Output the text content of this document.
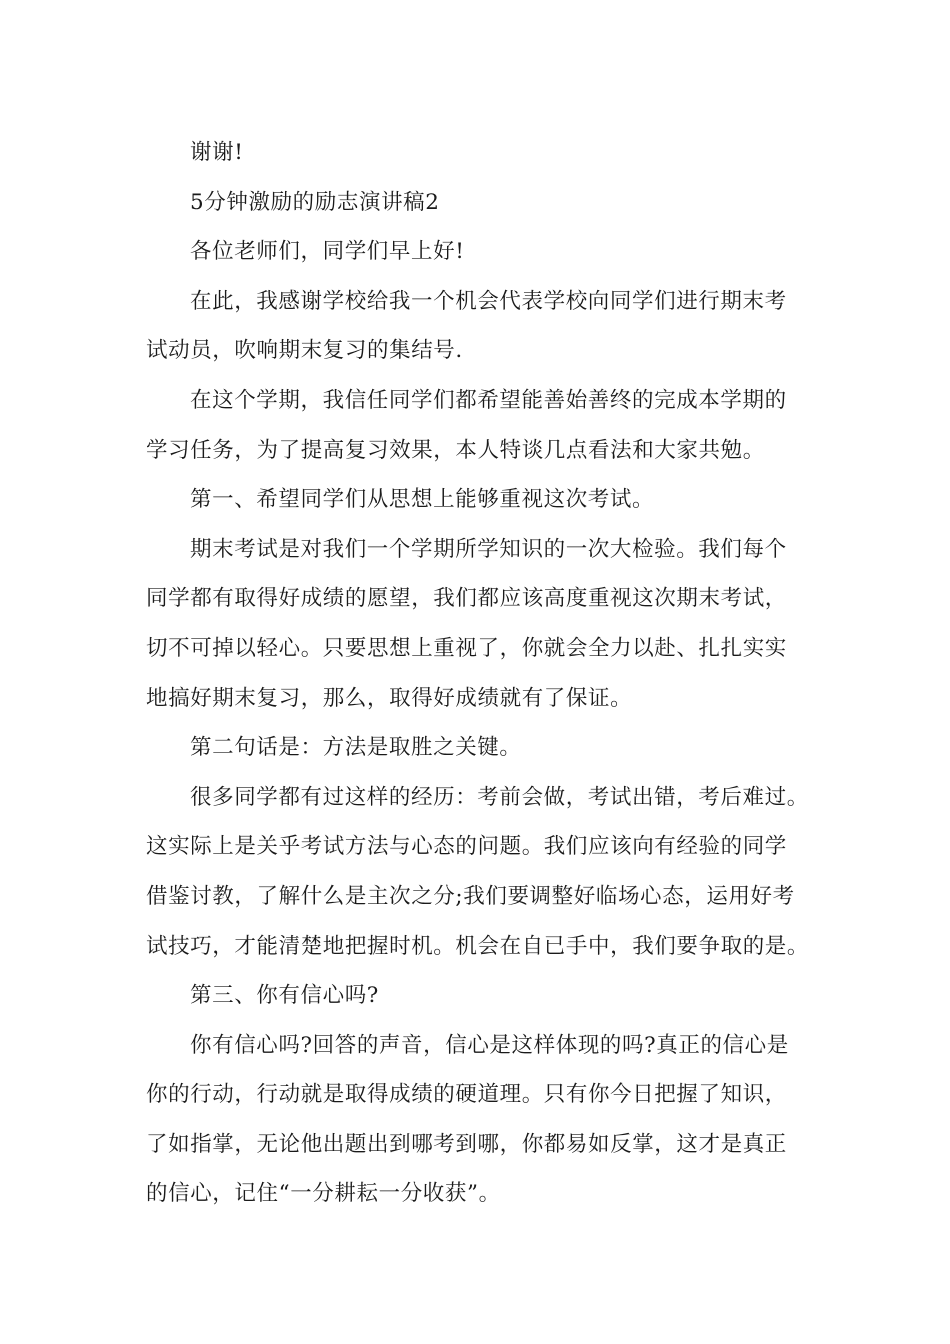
谢谢!

5分钟激励的励志演讲稿2

各位老师们，同学们早上好!

在此，我感谢学校给我一个机会代表学校向同学们进行期末考
试动员，吹响期末复习的集结号.

在这个学期，我信任同学们都希望能善始善终的完成本学期的
学习任务，为了提高复习效果，本人特谈几点看法和大家共勉。

第一、希望同学们从思想上能够重视这次考试。

期末考试是对我们一个学期所学知识的一次大检验。我们每个
同学都有取得好成绩的愿望，我们都应该高度重视这次期末考试，
切不可掉以轻心。只要思想上重视了，你就会全力以赴、扎扎实实
地搞好期末复习，那么，取得好成绩就有了保证。

第二句话是：方法是取胜之关键。

很多同学都有过这样的经历：考前会做，考试出错，考后难过。
这实际上是关乎考试方法与心态的问题。我们应该向有经验的同学
借鉴讨教，了解什么是主次之分;我们要调整好临场心态，运用好考
试技巧，才能清楚地把握时机。机会在自已手中，我们要争取的是。

第三、你有信心吗?

你有信心吗?回答的声音，信心是这样体现的吗?真正的信心是
你的行动，行动就是取得成绩的硬道理。只有你今日把握了知识，
了如指掌，无论他出题出到哪考到哪，你都易如反掌，这才是真正
的信心，记住“一分耕耘一分收获”。
